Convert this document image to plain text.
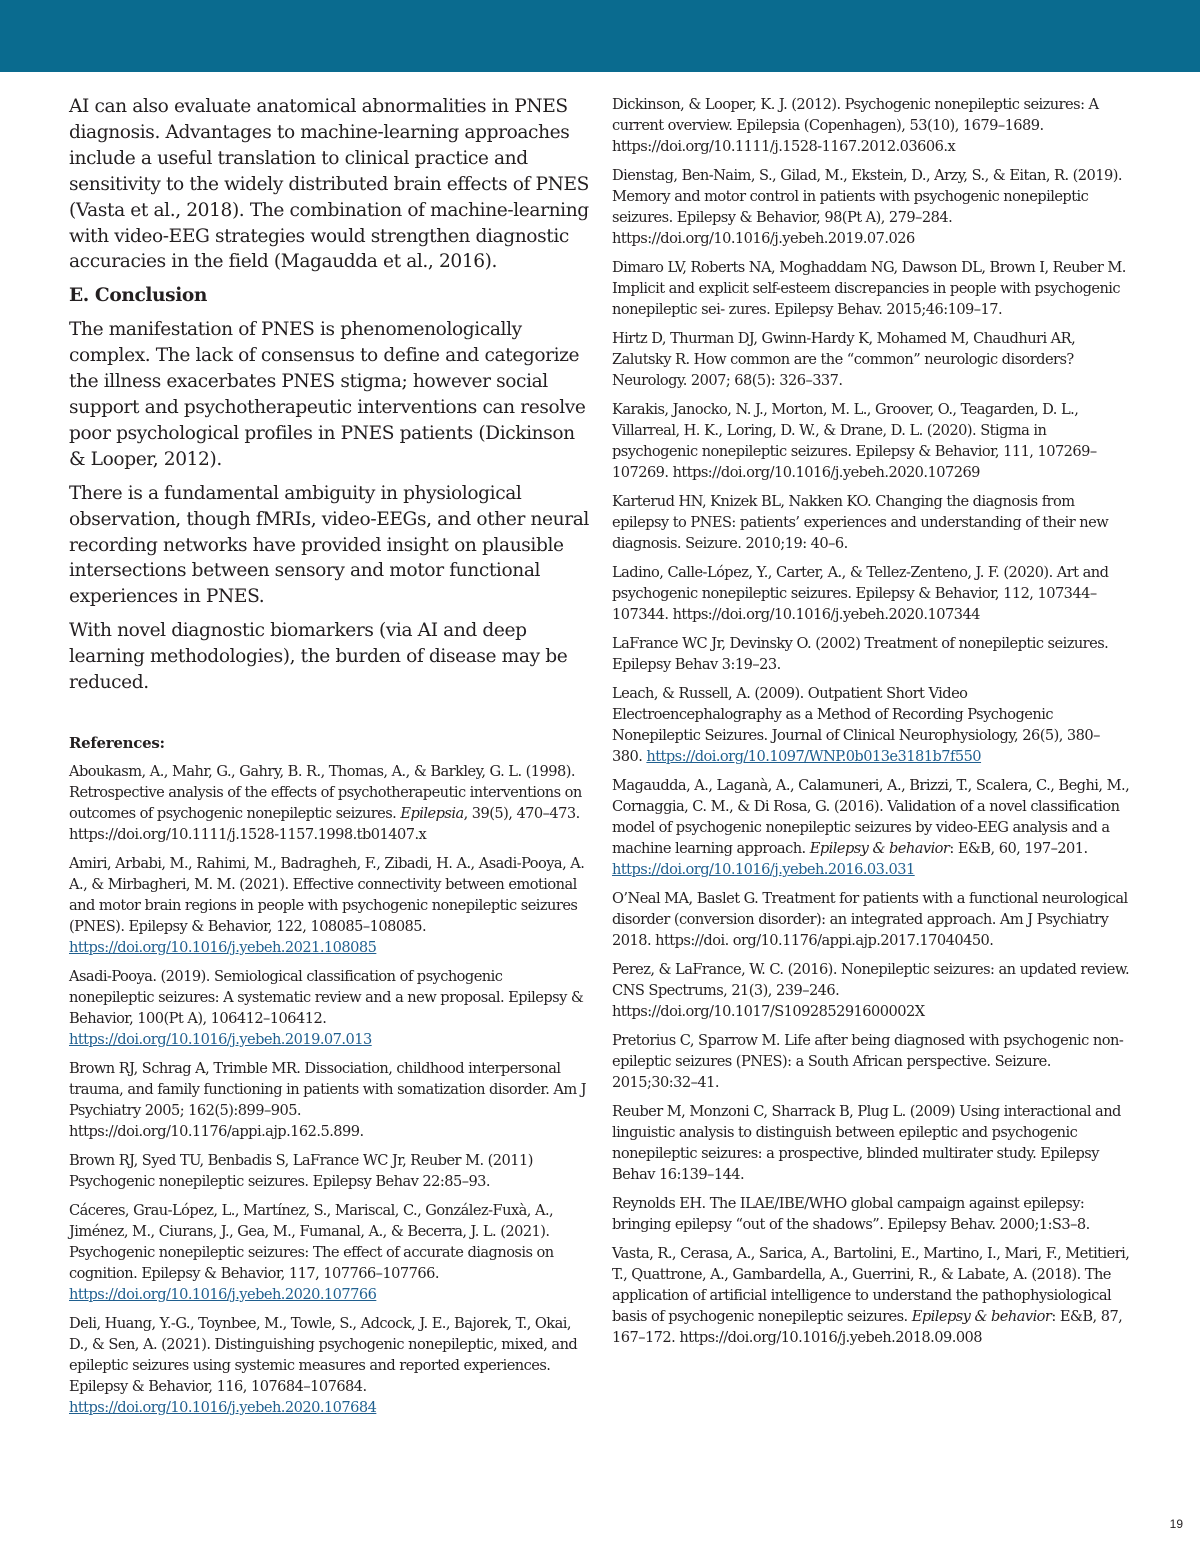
AI can also evaluate anatomical abnormalities in PNES diagnosis. Advantages to machine-learning approaches include a useful translation to clinical practice and sensitivity to the widely distributed brain effects of PNES (Vasta et al., 2018). The combination of machine-learning with video-EEG strategies would strengthen diagnostic accuracies in the field (Magaudda et al., 2016).

E. Conclusion

The manifestation of PNES is phenomenologically complex. The lack of consensus to define and categorize the illness exacerbates PNES stigma; however social support and psychotherapeutic interventions can resolve poor psychological profiles in PNES patients (Dickinson & Looper, 2012).

There is a fundamental ambiguity in physiological observation, though fMRIs, video-EEGs, and other neural recording networks have provided insight on plausible intersections between sensory and motor functional experiences in PNES.

With novel diagnostic biomarkers (via AI and deep learning methodologies), the burden of disease may be reduced.

References:

Aboukasm, A., Mahr, G., Gahry, B. R., Thomas, A., & Barkley, G. L. (1998). Retrospective analysis of the effects of psychotherapeutic interventions on outcomes of psychogenic nonepileptic seizures. Epilepsia, 39(5), 470–473. https://doi.org/10.1111/j.1528-1157.1998.tb01407.x

Amiri, Arbabi, M., Rahimi, M., Badragheh, F., Zibadi, H. A., Asadi-Pooya, A. A., & Mirbagheri, M. M. (2021). Effective connectivity between emotional and motor brain regions in people with psychogenic nonepileptic seizures (PNES). Epilepsy & Behavior, 122, 108085–108085. https://doi.org/10.1016/j.yebeh.2021.108085

Asadi-Pooya. (2019). Semiological classification of psychogenic nonepileptic seizures: A systematic review and a new proposal. Epilepsy & Behavior, 100(Pt A), 106412–106412. https://doi.org/10.1016/j.yebeh.2019.07.013

Brown RJ, Schrag A, Trimble MR. Dissociation, childhood interpersonal trauma, and family functioning in patients with somatization disorder. Am J Psychiatry 2005; 162(5):899–905. https://doi.org/10.1176/appi.ajp.162.5.899.

Brown RJ, Syed TU, Benbadis S, LaFrance WC Jr, Reuber M. (2011) Psychogenic nonepileptic seizures. Epilepsy Behav 22:85–93.

Cáceres, Grau-López, L., Martínez, S., Mariscal, C., González-Fuxà, A., Jiménez, M., Ciurans, J., Gea, M., Fumanal, A., & Becerra, J. L. (2021). Psychogenic nonepileptic seizures: The effect of accurate diagnosis on cognition. Epilepsy & Behavior, 117, 107766–107766. https://doi.org/10.1016/j.yebeh.2020.107766

Deli, Huang, Y.-G., Toynbee, M., Towle, S., Adcock, J. E., Bajorek, T., Okai, D., & Sen, A. (2021). Distinguishing psychogenic nonepileptic, mixed, and epileptic seizures using systemic measures and reported experiences. Epilepsy & Behavior, 116, 107684–107684. https://doi.org/10.1016/j.yebeh.2020.107684

Dickinson, & Looper, K. J. (2012). Psychogenic nonepileptic seizures: A current overview. Epilepsia (Copenhagen), 53(10), 1679–1689. https://doi.org/10.1111/j.1528-1167.2012.03606.x

Dienstag, Ben-Naim, S., Gilad, M., Ekstein, D., Arzy, S., & Eitan, R. (2019). Memory and motor control in patients with psychogenic nonepileptic seizures. Epilepsy & Behavior, 98(Pt A), 279–284. https://doi.org/10.1016/j.yebeh.2019.07.026

Dimaro LV, Roberts NA, Moghaddam NG, Dawson DL, Brown I, Reuber M. Implicit and explicit self-esteem discrepancies in people with psychogenic nonepileptic sei- zures. Epilepsy Behav. 2015;46:109–17.

Hirtz D, Thurman DJ, Gwinn-Hardy K, Mohamed M, Chaudhuri AR, Zalutsky R. How common are the “common” neurologic disorders? Neurology. 2007; 68(5): 326–337.

Karakis, Janocko, N. J., Morton, M. L., Groover, O., Teagarden, D. L., Villarreal, H. K., Loring, D. W., & Drane, D. L. (2020). Stigma in psychogenic nonepileptic seizures. Epilepsy & Behavior, 111, 107269–107269. https://doi.org/10.1016/j.yebeh.2020.107269

Karterud HN, Knizek BL, Nakken KO. Changing the diagnosis from epilepsy to PNES: patients’ experiences and understanding of their new diagnosis. Seizure. 2010;19: 40–6.

Ladino, Calle-López, Y., Carter, A., & Tellez-Zenteno, J. F. (2020). Art and psychogenic nonepileptic seizures. Epilepsy & Behavior, 112, 107344–107344. https://doi.org/10.1016/j.yebeh.2020.107344

LaFrance WC Jr, Devinsky O. (2002) Treatment of nonepileptic seizures. Epilepsy Behav 3:19–23.

Leach, & Russell, A. (2009). Outpatient Short Video Electroencephalography as a Method of Recording Psychogenic Nonepileptic Seizures. Journal of Clinical Neurophysiology, 26(5), 380–380. https://doi.org/10.1097/WNP.0b013e3181b7f550

Magaudda, A., Laganà, A., Calamuneri, A., Brizzi, T., Scalera, C., Beghi, M., Cornaggia, C. M., & Di Rosa, G. (2016). Validation of a novel classification model of psychogenic nonepileptic seizures by video-EEG analysis and a machine learning approach. Epilepsy & behavior: E&B, 60, 197–201. https://doi.org/10.1016/j.yebeh.2016.03.031

O’Neal MA, Baslet G. Treatment for patients with a functional neurological disorder (conversion disorder): an integrated approach. Am J Psychiatry 2018. https://doi. org/10.1176/appi.ajp.2017.17040450.

Perez, & LaFrance, W. C. (2016). Nonepileptic seizures: an updated review. CNS Spectrums, 21(3), 239–246. https://doi.org/10.1017/S109285291600002X

Pretorius C, Sparrow M. Life after being diagnosed with psychogenic non-epileptic seizures (PNES): a South African perspective. Seizure. 2015;30:32–41.

Reuber M, Monzoni C, Sharrack B, Plug L. (2009) Using interactional and linguistic analysis to distinguish between epileptic and psychogenic nonepileptic seizures: a prospective, blinded multirater study. Epilepsy Behav 16:139–144.

Reynolds EH. The ILAE/IBE/WHO global campaign against epilepsy: bringing epilepsy “out of the shadows”. Epilepsy Behav. 2000;1:S3–8.

Vasta, R., Cerasa, A., Sarica, A., Bartolini, E., Martino, I., Mari, F., Metitieri, T., Quattrone, A., Gambardella, A., Guerrini, R., & Labate, A. (2018). The application of artificial intelligence to understand the pathophysiological basis of psychogenic nonepileptic seizures. Epilepsy & behavior: E&B, 87, 167–172. https://doi.org/10.1016/j.yebeh.2018.09.008

19
